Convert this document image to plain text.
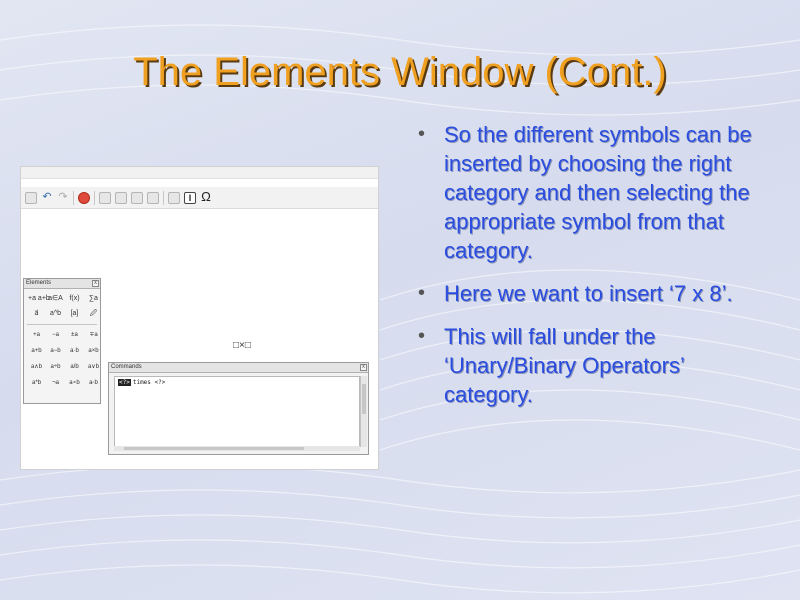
The Elements Window (Cont.)
↶ ↷	I Ω
□×□
Elements	x
+a a+b
a∈A f(x)	∑a
a⃗	a^b	[a]	🖉
+a	−a	±a	∓a
a+b	a−b	a·b	a×b
a∧b	a÷b	a/b	a∨b
a*b	¬a	a∘b	a◦b
Commands	x
<?> times <?>
• So the different symbols can be inserted by choosing the right category and then selecting the appropriate symbol from that category.
• Here we want to insert ‘7 x 8’.
• This will fall under the ‘Unary/Binary Operators’ category.
